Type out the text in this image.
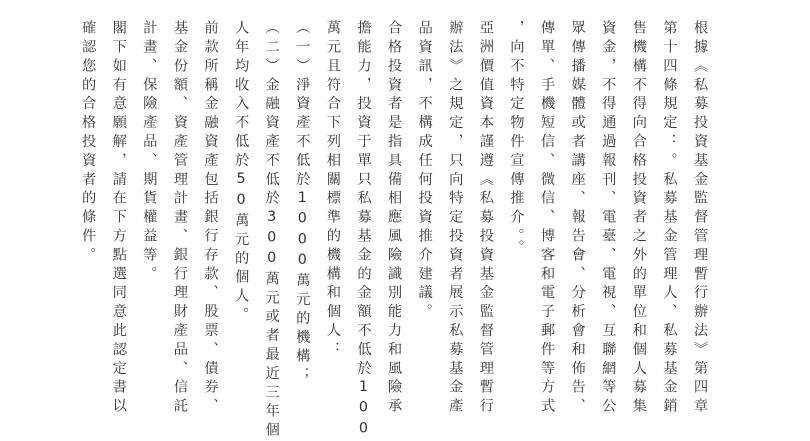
根據《私募投資基金監督管理暫行辦法》第四章
第十四條規定：。私募基金管理人、私募基金銷
售機構不得向合格投資者之外的單位和個人募集
資金，不得通過報刊、電臺、電視、互聯網等公
眾傳播媒體或者講座、報告會、分析會和佈告、
傳單、手機短信、微信、博客和電子郵件等方式
，向不特定物件宣傳推介。。
亞洲價值資本謹遵《私募投資基金監督管理暫行
辦法》之規定，只向特定投資者展示私募基金產
品資訊，不構成任何投資推介建議。
合格投資者是指具備相應風險識別能力和風險承
擔能力，投資于單只私募基金的金額不低於100
萬元且符合下列相關標準的機構和個人：
（一）淨資產不低於1000萬元的機構；
（二）金融資產不低於300萬元或者最近三年個
人年均收入不低於50萬元的個人。
前款所稱金融資產包括銀行存款、股票、債券、
基金份額、資產管理計畫、銀行理財產品、信託
計畫、保險產品、期貨權益等。
閣下如有意願解，請在下方點選同意此認定書以
確認您的合格投資者的條件。
